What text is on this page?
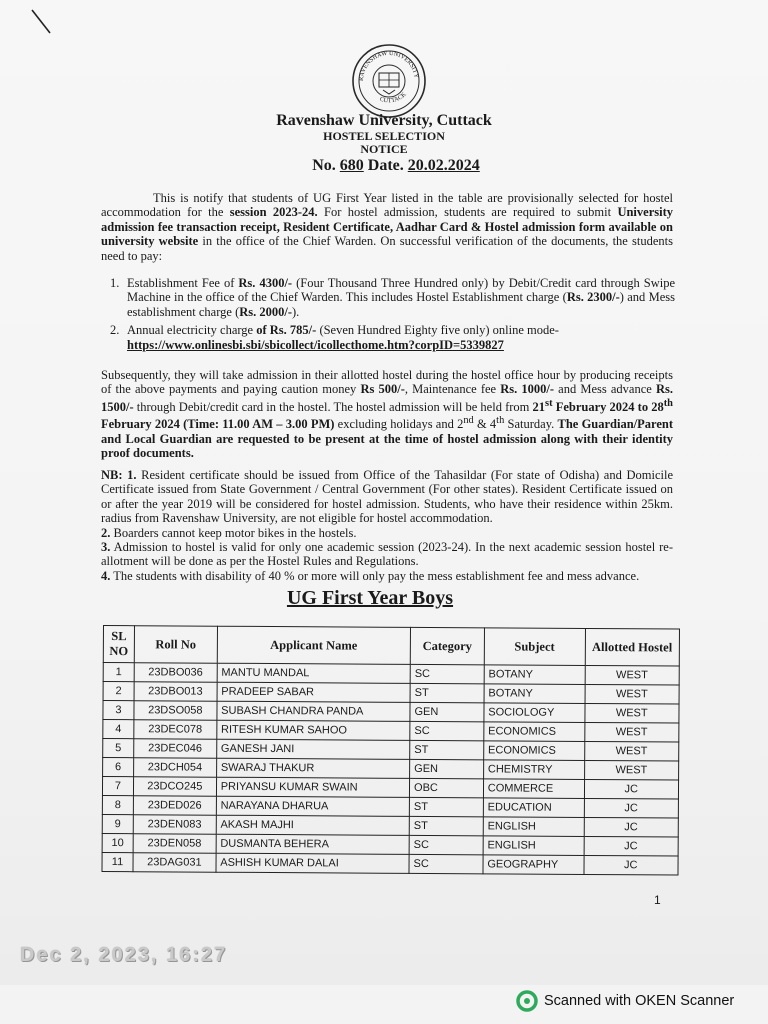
RAVENSHAW UNIVERSITY
CUTTACK
Ravenshaw University, Cuttack
HOSTEL SELECTION
NOTICE
No. 680 Date. 20.02.2024
This is notify that students of UG First Year listed in the table are provisionally selected for hostel accommodation for the session 2023-24. For hostel admission, students are required to submit University admission fee transaction receipt, Resident Certificate, Aadhar Card & Hostel admission form available on university website in the office of the Chief Warden. On successful verification of the documents, the students need to pay:
1. Establishment Fee of Rs. 4300/- (Four Thousand Three Hundred only) by Debit/Credit card through Swipe Machine in the office of the Chief Warden. This includes Hostel Establishment charge (Rs. 2300/-) and Mess establishment charge (Rs. 2000/-).
2. Annual electricity charge of Rs. 785/- (Seven Hundred Eighty five only) online mode-
https://www.onlinesbi.sbi/sbicollect/icollecthome.htm?corpID=5339827
Subsequently, they will take admission in their allotted hostel during the hostel office hour by producing receipts of the above payments and paying caution money Rs 500/-, Maintenance fee Rs. 1000/- and Mess advance Rs. 1500/- through Debit/credit card in the hostel. The hostel admission will be held from 21st February 2024 to 28th February 2024 (Time: 11.00 AM – 3.00 PM) excluding holidays and 2nd & 4th Saturday. The Guardian/Parent and Local Guardian are requested to be present at the time of hostel admission along with their identity proof documents.
NB: 1. Resident certificate should be issued from Office of the Tahasildar (For state of Odisha) and Domicile Certificate issued from State Government / Central Government (For other states). Resident Certificate issued on or after the year 2019 will be considered for hostel admission. Students, who have their residence within 25km. radius from Ravenshaw University, are not eligible for hostel accommodation.
2. Boarders cannot keep motor bikes in the hostels.
3. Admission to hostel is valid for only one academic session (2023-24). In the next academic session hostel re-allotment will be done as per the Hostel Rules and Regulations.
4. The students with disability of 40 % or more will only pay the mess establishment fee and mess advance.
UG First Year Boys
SL NO	Roll No	Applicant Name	Category	Subject	Allotted Hostel
1	23DBO036	MANTU MANDAL	SC	BOTANY	WEST
2	23DBO013	PRADEEP SABAR	ST	BOTANY	WEST
3	23DSO058	SUBASH CHANDRA PANDA	GEN	SOCIOLOGY	WEST
4	23DEC078	RITESH KUMAR SAHOO	SC	ECONOMICS	WEST
5	23DEC046	GANESH JANI	ST	ECONOMICS	WEST
6	23DCH054	SWARAJ THAKUR	GEN	CHEMISTRY	WEST
7	23DCO245	PRIYANSU KUMAR SWAIN	OBC	COMMERCE	JC
8	23DED026	NARAYANA DHARUA	ST	EDUCATION	JC
9	23DEN083	AKASH MAJHI	ST	ENGLISH	JC
10	23DEN058	DUSMANTA BEHERA	SC	ENGLISH	JC
11	23DAG031	ASHISH KUMAR DALAI	SC	GEOGRAPHY	JC
1
Dec 2, 2023, 16:27
Scanned with OKEN Scanner
